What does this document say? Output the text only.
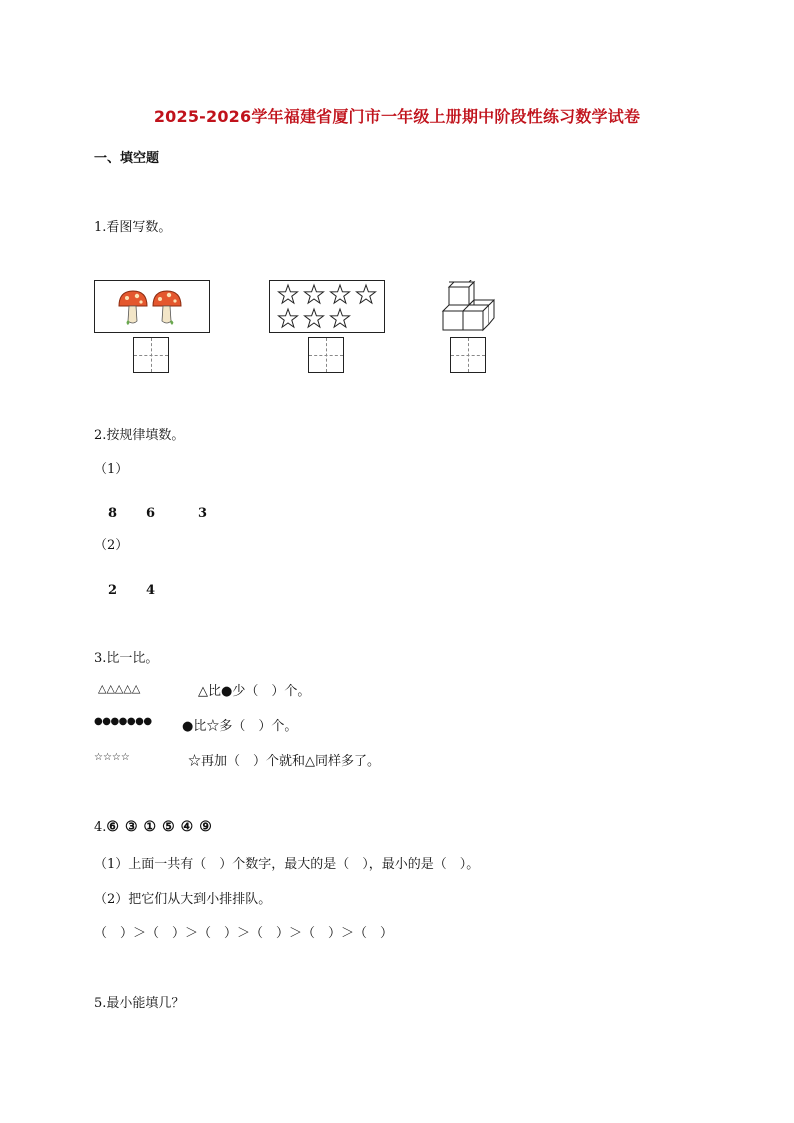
2025-2026学年福建省厦门市一年级上册期中阶段性练习数学试卷
一、填空题
1.看图写数。
2.按规律填数。
（1）
8 6	3
（2）
2 4
3.比一比。
△△△△△	△比●少（　）个。
●●●●●●● ●比☆多（　）个。
☆☆☆☆	☆再加（　）个就和△同样多了。
4.⑥ ③ ① ⑤ ④ ⑨
（1）上面一共有（　）个数字，最大的是（　），最小的是（　）。
（2）把它们从大到小排排队。
（　）＞（　）＞（　）＞（　）＞（　）＞（　）
5.最小能填几？
